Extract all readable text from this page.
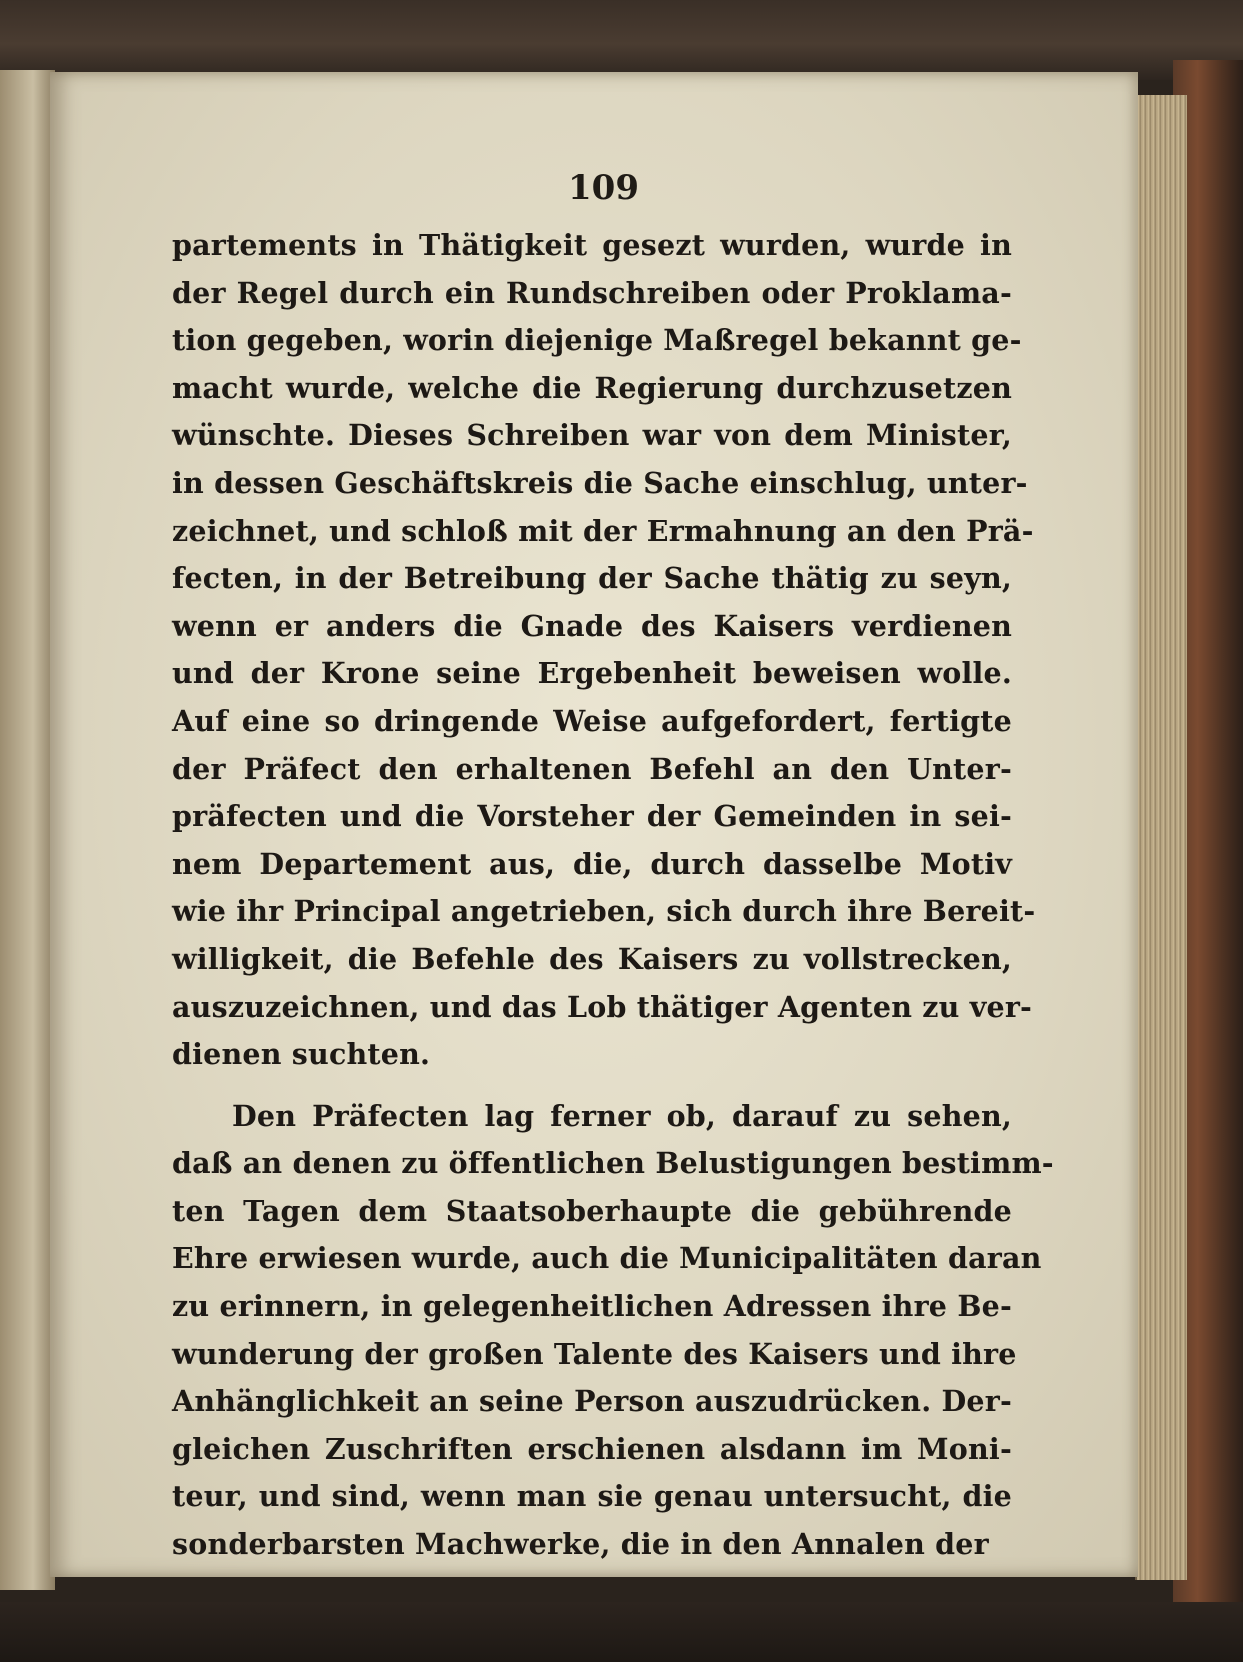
109
partements in Thätigkeit gesezt wurden, wurde in
der Regel durch ein Rundschreiben oder Proklama-
tion gegeben, worin diejenige Maßregel bekannt ge-
macht wurde, welche die Regierung durchzusetzen
wünschte. Dieses Schreiben war von dem Minister,
in dessen Geschäftskreis die Sache einschlug, unter-
zeichnet, und schloß mit der Ermahnung an den Prä-
fecten, in der Betreibung der Sache thätig zu seyn,
wenn er anders die Gnade des Kaisers verdienen
und der Krone seine Ergebenheit beweisen wolle.
Auf eine so dringende Weise aufgefordert, fertigte
der Präfect den erhaltenen Befehl an den Unter-
präfecten und die Vorsteher der Gemeinden in sei-
nem Departement aus, die, durch dasselbe Motiv
wie ihr Principal angetrieben, sich durch ihre Bereit-
willigkeit, die Befehle des Kaisers zu vollstrecken,
auszuzeichnen, und das Lob thätiger Agenten zu ver-
dienen suchten.
Den Präfecten lag ferner ob, darauf zu sehen,
daß an denen zu öffentlichen Belustigungen bestimm-
ten Tagen dem Staatsoberhaupte die gebührende
Ehre erwiesen wurde, auch die Municipalitäten daran
zu erinnern, in gelegenheitlichen Adressen ihre Be-
wunderung der großen Talente des Kaisers und ihre
Anhänglichkeit an seine Person auszudrücken. Der-
gleichen Zuschriften erschienen alsdann im Moni-
teur, und sind, wenn man sie genau untersucht, die
sonderbarsten Machwerke, die in den Annalen der
